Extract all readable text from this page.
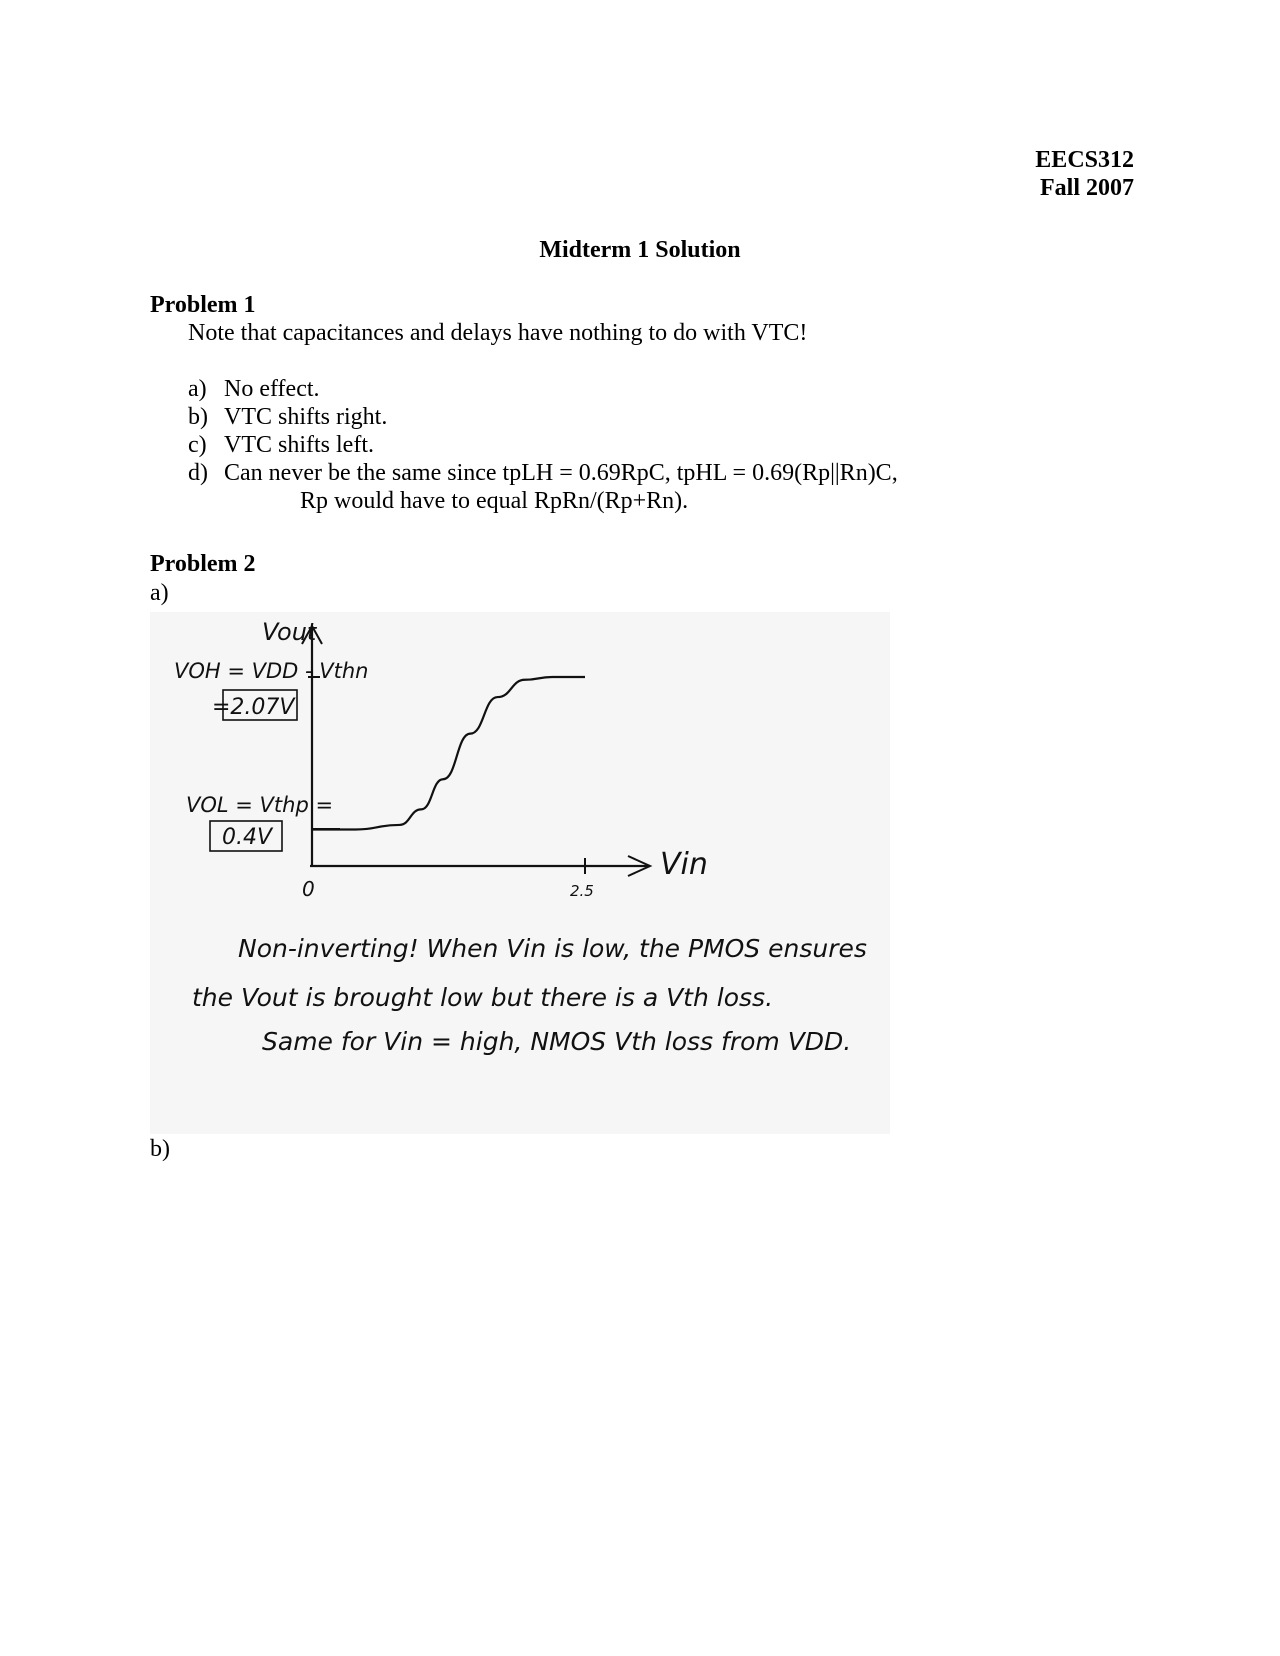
EECS312
Fall 2007
Midterm 1 Solution
Problem 1
Note that capacitances and delays have nothing to do with VTC!
a) No effect.
b) VTC shifts right.
c) VTC shifts left.
d) Can never be the same since tpLH = 0.69RpC, tpHL = 0.69(Rp||Rn)C,
Rp would have to equal RpRn/(Rp+Rn).
Problem 2
a)
Vout
Vin
0	2.5
VOH = VDD - Vthn
=2.07V
VOL = Vthp =
0.4V
Non-inverting! When Vin is low, the PMOS ensures
the Vout is brought low but there is a Vth loss.
Same for Vin = high, NMOS Vth loss from VDD.
b)
